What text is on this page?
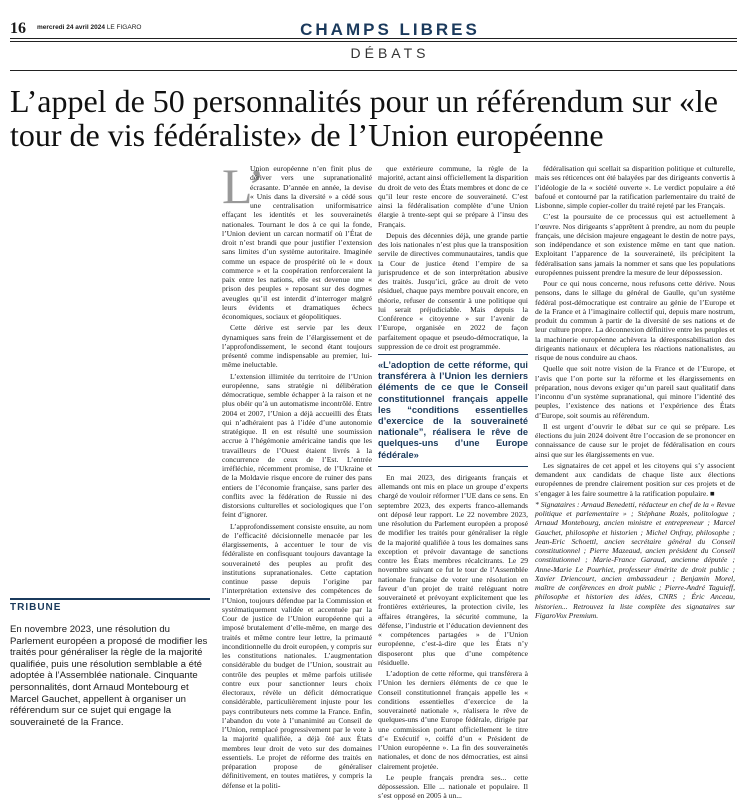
16 mercredi 24 avril 2024 LE FIGARO	CHAMPS LIBRES
DÉBATS
L’appel de 50 personnalités pour un référendum sur «le tour de vis fédéraliste» de l’Union européenne
TRIBUNE
En novembre 2023, une résolution du Parlement européen a proposé de modifier les traités pour généraliser la règle de la majorité qualifiée, puis une résolution semblable a été adoptée à l’Assemblée nationale. Cinquante personnalités, dont Arnaud Montebourg et Marcel Gauchet, appellent à organiser un référendum sur ce sujet qui engage la souveraineté de la France.
L’

Union européenne n’en finit plus de dériver vers une supranationalité écrasante. D’année en année, la devise « Unis dans la diversité » a cédé sous une centralisation uniformisatrice effaçant les identités et les souverainetés nationales. Tournant le dos à ce qui la fonde, l’Union devient un carcan normatif où l’État de droit n’est brandi que pour justifier l’extension sans limites d’un système autoritaire. Imaginée comme un espace de prospérité où le « doux commerce » et la coopération renforceraient la paix entre les nations, elle est devenue une « prison des peuples » reposant sur des dogmes aveugles qu’il est interdit d’interroger malgré leurs évidents et dramatiques échecs économiques, sociaux et géopolitiques.

Cette dérive est servie par les deux dynamiques sans frein de l’élargissement et de l’approfondissement, le second étant toujours présenté comme indispensable au premier, lui-même ineluctable.

L’extension illimitée du territoire de l’Union européenne, sans stratégie ni délibération démocratique, semble échapper à la raison et ne plus obéir qu’à un automatisme incontrôlé. Entre 2004 et 2007, l’Union a déjà accueilli des États qui n’adhéraient pas à l’idée d’une autonomie stratégique. Il en est résulté une soumission accrue à l’hégémonie américaine tandis que les travailleurs de l’Ouest étaient livrés à la concurrence de ceux de l’Est. L’entrée irréfléchie, récemment promise, de l’Ukraine et de la Moldavie risque encore de ruiner des pans entiers de l’économie française, sans parler des conflits avec la fédération de Russie ni des distorsions culturelles et sociologiques que l’on feint d’ignorer.

L’approfondissement consiste ensuite, au nom de l’efficacité décisionnelle menacée par les élargissements, à accentuer le tour de vis fédéraliste en confisquant toujours davantage la souveraineté des peuples au profit des institutions supranationales. Cette captation continue passe depuis l’origine par l’interprétation extensive des compétences de l’Union, toujours défendue par la Commission et systématiquement validée et accentuée par la Cour de justice de l’Union européenne qui a imposé brutalement d’elle-même, en marge des traités et même contre leur lettre, la primauté inconditionnelle du droit européen, y compris sur les constitutions nationales. L’augmentation considérable du budget de l’Union, soustrait au contrôle des peuples et même parfois utilisée contre eux pour sanctionner leurs choix électoraux, révèle un déficit démocratique considérable, particulièrement injuste pour les pays contributeurs nets comme la France. Enfin, l’abandon du vote à l’unanimité au Conseil de l’Union, remplacé progressivement par le vote à la majorité qualifiée, a déjà ôté aux États membres leur droit de veto sur des domaines essentiels. Le projet de réforme des traités en préparation propose de généraliser définitivement, en toutes matières, y compris la défense et la politi-

que extérieure commune, la règle de la majorité, actant ainsi officiellement la disparition du droit de veto des États membres et donc de ce qu’il leur reste encore de souveraineté. C’est ainsi la fédéralisation complète d’une Union élargie à trente-sept qui se prépare à l’insu des Français.

Depuis des décennies déjà, une grande partie des lois nationales n’est plus que la transposition servile de directives communautaires, tandis que la Cour de justice étend l’empire de sa jurisprudence et de son interprétation abusive des traités. Jusqu’ici, grâce au droit de veto résiduel, chaque pays membre pouvait encore, en théorie, refuser de consentir à une politique qui lui serait préjudiciable. Mais depuis la Conférence « citoyenne » sur l’avenir de l’Europe, organisée en 2022 de façon parfaitement opaque et pseudo-démocratique, la suppression de ce droit est programmée.

«L’adoption de cette réforme, qui transférera à l’Union les derniers éléments de ce que le Conseil constitutionnel français appelle les “conditions essentielles d’exercice de la souveraineté nationale”, réalisera le rêve de quelques-uns d’une Europe fédérale»

En mai 2023, des dirigeants français et allemands ont mis en place un groupe d’experts chargé de vouloir réformer l’UE dans ce sens. En septembre 2023, des experts franco-allemands ont déposé leur rapport. Le 22 novembre 2023, une résolution du Parlement européen a proposé de modifier les traités pour généraliser la règle de la majorité qualifiée à tous les domaines sans exception et prévoir davantage de sanctions contre les États membres récalcitrants. Le 29 novembre suivant ce fut le tour de l’Assemblée nationale française de voter une résolution en faveur d’un projet de traité reléguant notre souveraineté et prévoyant explicitement que les frontières extérieures, la protection civile, les affaires étrangères, la sécurité commune, la défense, l’industrie et l’éducation deviennent des « compétences partagées » de l’Union européenne, c’est-à-dire que les États n’y disposeront plus que d’une compétence résiduelle.

L’adoption de cette réforme, qui transférera à l’Union les derniers éléments de ce que le Conseil constitutionnel français appelle les « conditions essentielles d’exercice de la souveraineté nationale », réalisera le rêve de quelques-uns d’une Europe fédérale, dirigée par une commission portant officiellement le titre d’« Exécutif », coiffé d’un « Président de l’Union européenne ». La fin des souverainetés nationales, et donc de nos démocraties, est ainsi clairement projetée.

Le peuple français prendra ses... cette dépossession. Elle ... nationale et populaire. Il s’est opposé en 2005 à un...

fédéralisation qui scellait sa disparition politique et culturelle, mais ses réticences ont été balayées par des dirigeants convertis à l’idéologie de la « société ouverte ». Le verdict populaire a été bafoué et contourné par la ratification parlementaire du traité de Lisbonne, simple copier-coller du traité rejeté par les Français.

C’est la poursuite de ce processus qui est actuellement à l’œuvre. Nos dirigeants s’apprêtent à prendre, au nom du peuple français, une décision majeure engageant le destin de notre pays, son indépendance et son existence même en tant que nation. Exploitant l’apparence de la souveraineté, ils précipitent la fédéralisation sans jamais la nommer et sans que les populations européennes puissent prendre la mesure de leur dépossession.

Pour ce qui nous concerne, nous refusons cette dérive. Nous pensons, dans le sillage du général de Gaulle, qu’un système fédéral post-démocratique est contraire au génie de l’Europe et de la France et à l’imaginaire collectif qui, depuis mare nostrum, produit du commun à partir de la diversité de ses nations et de leur culture propre. La déconnexion définitive entre les peuples et la machinerie européenne achèvera la déresponsabilisation des dirigeants nationaux et décuplera les réactions nationalistes, au risque de nous conduire au chaos.

Quelle que soit notre vision de la France et de l’Europe, et l’avis que l’on porte sur la réforme et les élargissements en préparation, nous devons exiger qu’un pareil saut qualitatif dans l’inconnu d’un système supranational, qui minore l’identité des peuples, l’existence des nations et l’expérience des États d’Europe, soit soumis au référendum.

Il est urgent d’ouvrir le débat sur ce qui se prépare. Les élections du juin 2024 doivent être l’occasion de se prononcer en connaissance de cause sur le projet de fédéralisation en cours ainsi que sur les élargissements en vue.

Les signataires de cet appel et les citoyens qui s’y associent demandent aux candidats de chaque liste aux élections européennes de prendre clairement position sur ces projets et de s’engager à les faire soumettre à la ratification populaire. ■

* Signataires : Arnaud Benedetti, rédacteur en chef de la « Revue politique et parlementaire » ; Stéphane Rozès, politologue ; Arnaud Montebourg, ancien ministre et entrepreneur ; Marcel Gauchet, philosophe et historien ; Michel Onfray, philosophe ; Jean-Eric Schoettl, ancien secrétaire général du Conseil constitutionnel ; Pierre Mazeaud, ancien président du Conseil constitutionnel ; Marie-France Garaud, ancienne députée ; Anne-Marie Le Pourhiet, professeur émérite de droit public ; Xavier Driencourt, ancien ambassadeur ; Benjamin Morel, maître de conférences en droit public ; Pierre-André Taguieff, philosophe et historien des idées, CNRS ; Éric Anceau, historien... Retrouvez la liste complète des signataires sur FigaroVox Premium.
